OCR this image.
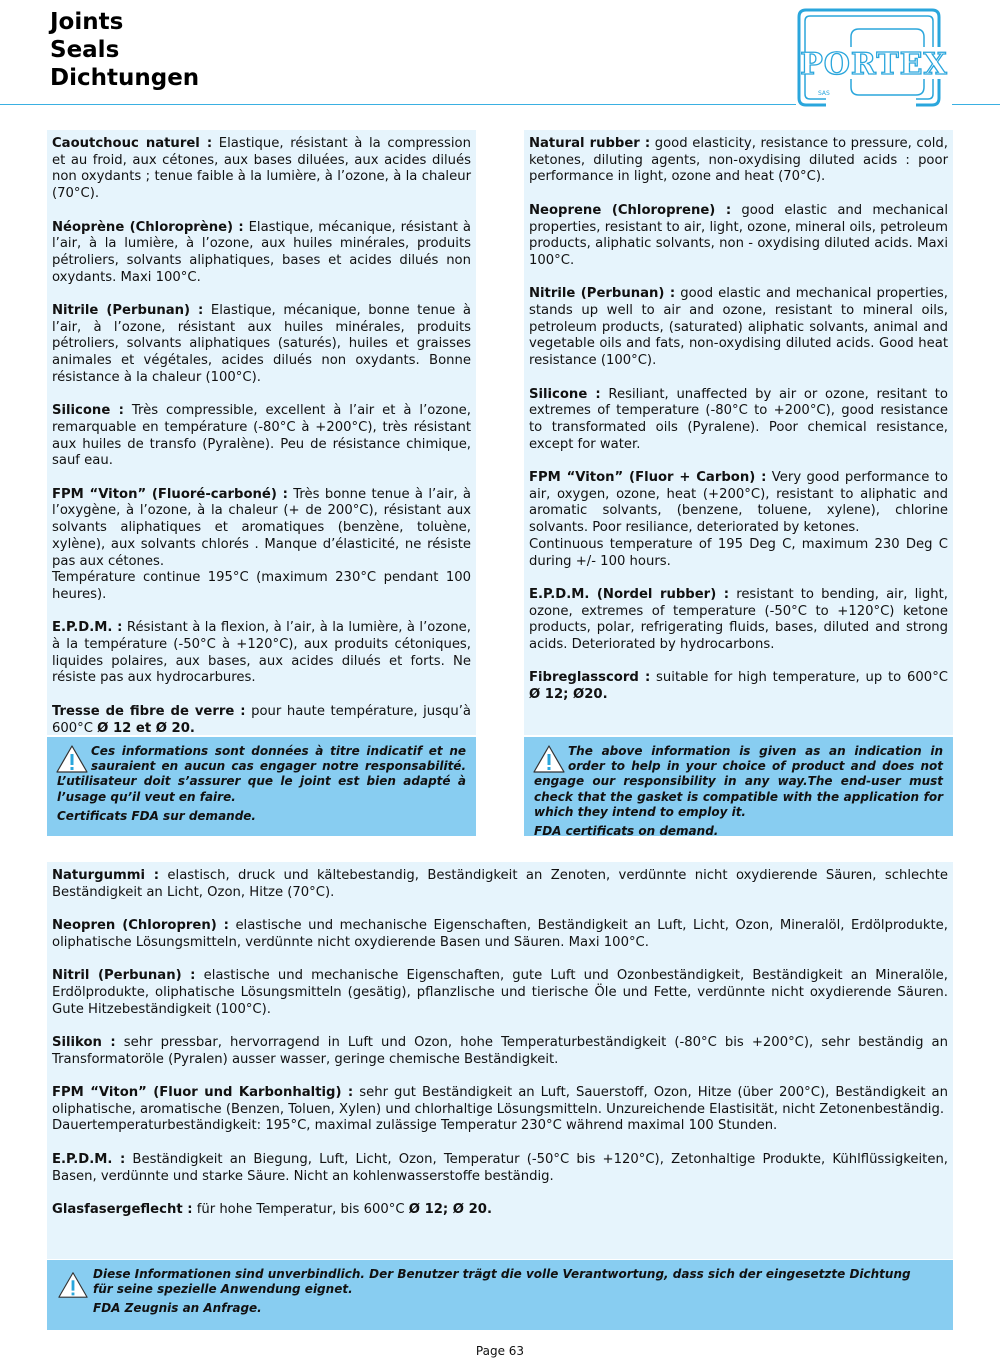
Joints
Seals
Dichtungen	PORTEX
SAS

Caoutchouc naturel : Elastique, résistant à la compression et au froid, aux cétones, aux bases diluées, aux acides dilués non oxydants ; tenue faible à la lumière, à l’ozone, à la chaleur (70°C).

Néoprène (Chloroprène) : Elastique, mécanique, résistant à l’air, à la lumière, à l’ozone, aux huiles minérales, produits pétroliers, solvants aliphatiques, bases et acides dilués non oxydants. Maxi 100°C.

Nitrile (Perbunan) : Elastique, mécanique, bonne tenue à l’air, à l’ozone, résistant aux huiles minérales, produits pétroliers, solvants aliphatiques (saturés), huiles et graisses animales et végétales, acides dilués non oxydants. Bonne résistance à la chaleur (100°C).

Silicone : Très compressible, excellent à l’air et à l’ozone, remarquable en température (-80°C à +200°C), très résistant aux huiles de transfo (Pyralène). Peu de résistance chimique, sauf eau.

FPM “Viton” (Fluoré-carboné) : Très bonne tenue à l’air, à l’oxygène, à l’ozone, à la chaleur (+ de 200°C), résistant aux solvants aliphatiques et aromatiques (benzène, toluène, xylène), aux solvants chlorés . Manque d’élasticité, ne résiste pas aux cétones.
Température continue 195°C (maximum 230°C pendant 100 heures).

E.P.D.M. : Résistant à la flexion, à l’air, à la lumière, à l’ozone, à la température (-50°C à +120°C), aux produits cétoniques, liquides polaires, aux bases, aux acides dilués et forts. Ne résiste pas aux hydrocarbures.

Tresse de fibre de verre : pour haute température, jusqu’à 600°C Ø 12 et Ø 20.

Ces informations sont données à titre indicatif et ne sauraient en aucun cas engager notre responsabilité. L’utilisateur doit s’assurer que le joint est bien adapté à l’usage qu’il veut en faire.
Certificats FDA sur demande.

Natural rubber : good elasticity, resistance to pressure, cold, ketones, diluting agents, non-oxydising diluted acids : poor performance in light, ozone and heat (70°C).

Neoprene (Chloroprene) : good elastic and mechanical properties, resistant to air, light, ozone, mineral oils, petroleum products, aliphatic solvants, non - oxydising diluted acids. Maxi 100°C.

Nitrile (Perbunan) : good elastic and mechanical properties, stands up well to air and ozone, resistant to mineral oils, petroleum products, (saturated) aliphatic solvants, animal and vegetable oils and fats, non-oxydising diluted acids. Good heat resistance (100°C).

Silicone : Resiliant, unaffected by air or ozone, resitant to extremes of temperature (-80°C to +200°C), good resistance to transformated oils (Pyralene). Poor chemical resistance, except for water.

FPM “Viton” (Fluor + Carbon) : Very good performance to air, oxygen, ozone, heat (+200°C), resistant to aliphatic and aromatic solvants, (benzene, toluene, xylene), chlorine solvants. Poor resiliance, deteriorated by ketones.
Continuous temperature of 195 Deg C, maximum 230 Deg C during +/- 100 hours.

E.P.D.M. (Nordel rubber) : resistant to bending, air, light, ozone, extremes of temperature (-50°C to +120°C) ketone products, polar, refrigerating fluids, bases, diluted and strong acids. Deteriorated by hydrocarbons.

Fibreglasscord : suitable for high temperature, up to 600°C Ø 12; Ø20.

The above information is given as an indication in order to help in your choice of product and does not engage our responsibility in any way.The end-user must check that the gasket is compatible with the application for which they intend to employ it.
FDA certificats on demand.

Naturgummi : elastisch, druck und kältebestandig, Beständigkeit an Zenoten, verdünnte nicht oxydierende Säuren, schlechte Beständigkeit an Licht, Ozon, Hitze (70°C).

Neopren (Chloropren) : elastische und mechanische Eigenschaften, Beständigkeit an Luft, Licht, Ozon, Mineralöl, Erdölprodukte, oliphatische Lösungsmitteln, verdünnte nicht oxydierende Basen und Säuren. Maxi 100°C.

Nitril (Perbunan) : elastische und mechanische Eigenschaften, gute Luft und Ozonbeständigkeit, Beständigkeit an Mineralöle, Erdölprodukte, oliphatische Lösungsmitteln (gesätig), pflanzlische und tierische Öle und Fette, verdünnte nicht oxydierende Säuren. Gute Hitzebeständigkeit (100°C).

Silikon : sehr pressbar, hervorragend in Luft und Ozon, hohe Temperaturbeständigkeit (-80°C bis +200°C), sehr beständig an Transformatoröle (Pyralen) ausser wasser, geringe chemische Beständigkeit.

FPM “Viton” (Fluor und Karbonhaltig) : sehr gut Beständigkeit an Luft, Sauerstoff, Ozon, Hitze (über 200°C), Beständigkeit an oliphatische, aromatische (Benzen, Toluen, Xylen) und chlorhaltige Lösungsmitteln. Unzureichende Elastisität, nicht Zetonenbeständig.
Dauertemperaturbeständigkeit: 195°C, maximal zulässige Temperatur 230°C während maximal 100 Stunden.

E.P.D.M. : Beständigkeit an Biegung, Luft, Licht, Ozon, Temperatur (-50°C bis +120°C), Zetonhaltige Produkte, Kühlflüssigkeiten, Basen, verdünnte und starke Säure. Nicht an kohlenwasserstoffe beständig.

Glasfasergeflecht : für hohe Temperatur, bis 600°C Ø 12; Ø 20.

Diese Informationen sind unverbindlich. Der Benutzer trägt die volle Verantwortung, dass sich der eingesetzte Dichtung für seine spezielle Anwendung eignet.
FDA Zeugnis an Anfrage.
Page 63
